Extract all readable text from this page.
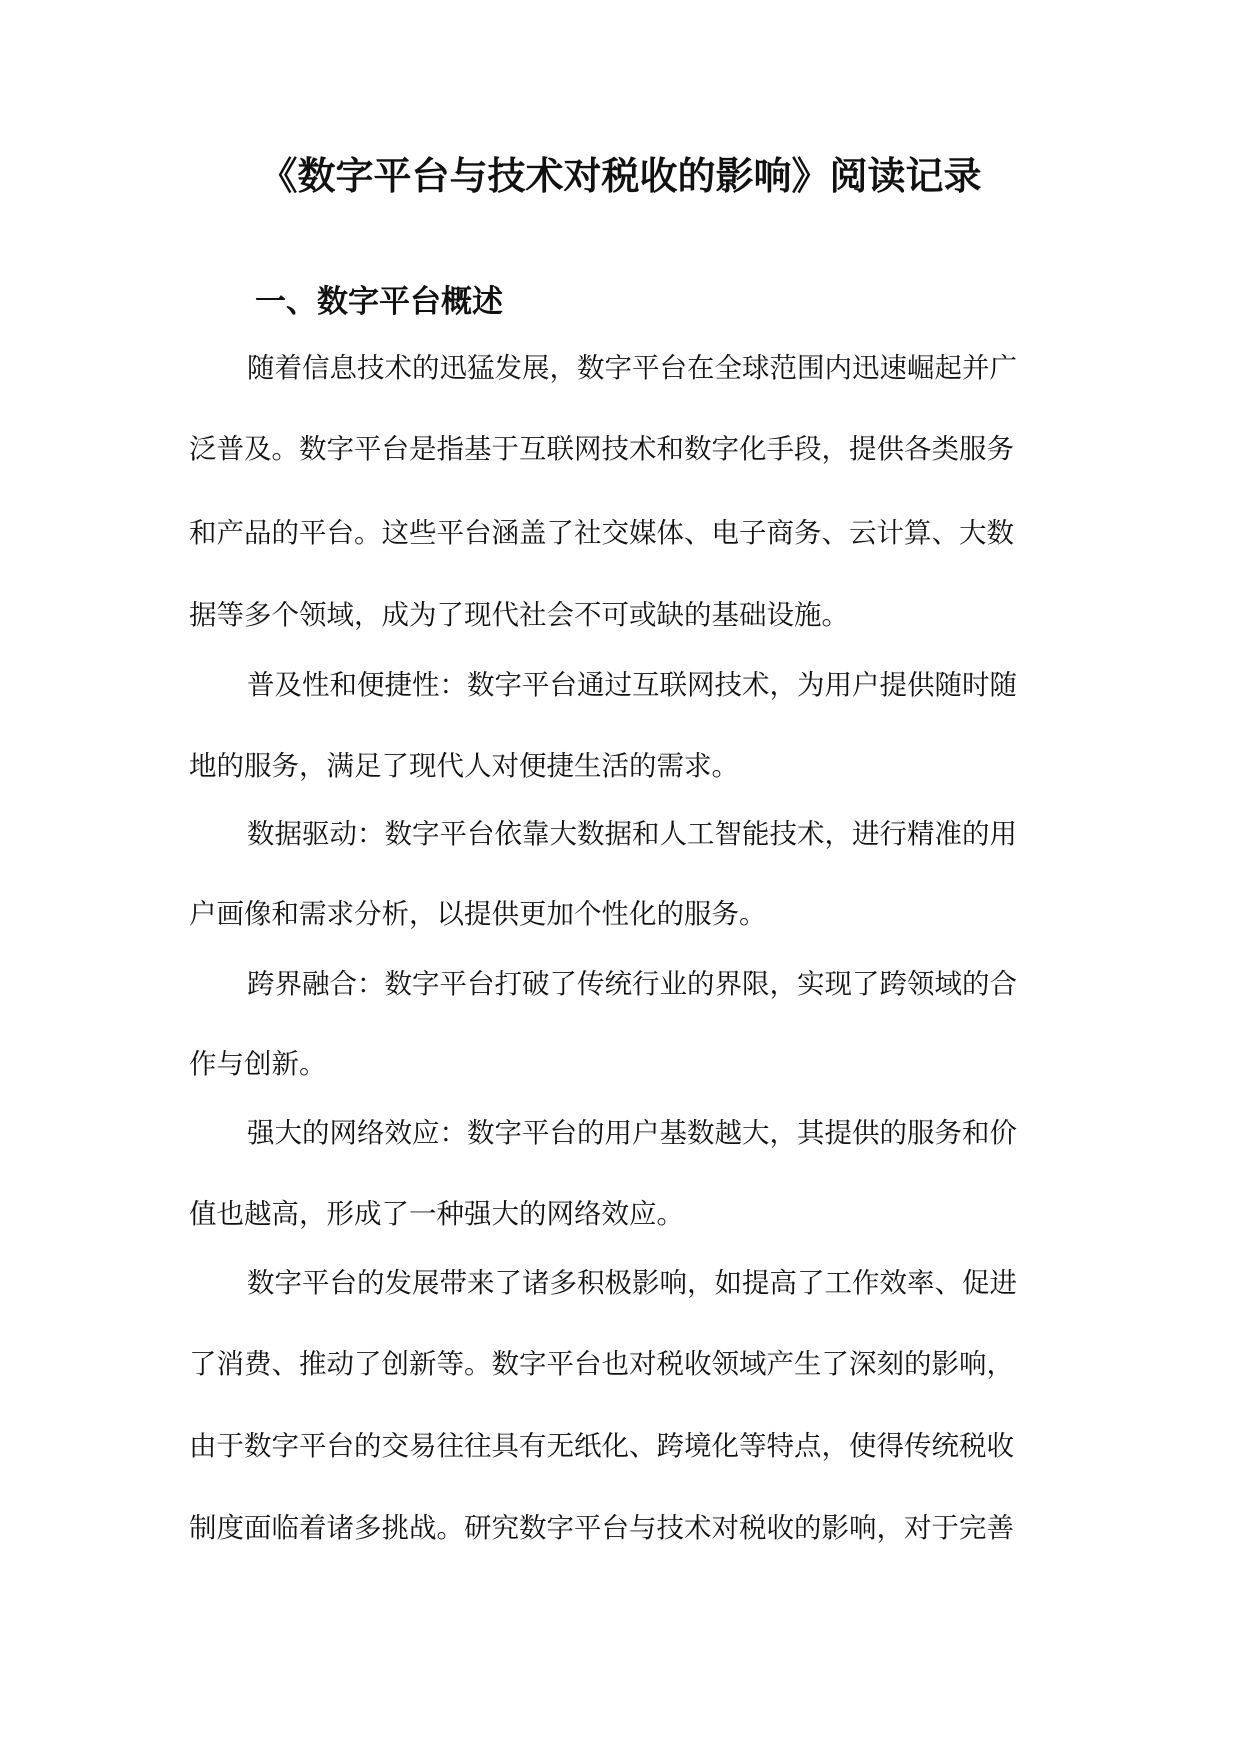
《数字平台与技术对税收的影响》阅读记录
一、数字平台概述

随着信息技术的迅猛发展，数字平台在全球范围内迅速崛起并广

泛普及。数字平台是指基于互联网技术和数字化手段，提供各类服务

和产品的平台。这些平台涵盖了社交媒体、电子商务、云计算、大数

据等多个领域，成为了现代社会不可或缺的基础设施。

普及性和便捷性：数字平台通过互联网技术，为用户提供随时随

地的服务，满足了现代人对便捷生活的需求。

数据驱动：数字平台依靠大数据和人工智能技术，进行精准的用

户画像和需求分析，以提供更加个性化的服务。

跨界融合：数字平台打破了传统行业的界限，实现了跨领域的合

作与创新。

强大的网络效应：数字平台的用户基数越大，其提供的服务和价

值也越高，形成了一种强大的网络效应。

数字平台的发展带来了诸多积极影响，如提高了工作效率、促进

了消费、推动了创新等。数字平台也对税收领域产生了深刻的影响，

由于数字平台的交易往往具有无纸化、跨境化等特点，使得传统税收

制度面临着诸多挑战。研究数字平台与技术对税收的影响，对于完善
